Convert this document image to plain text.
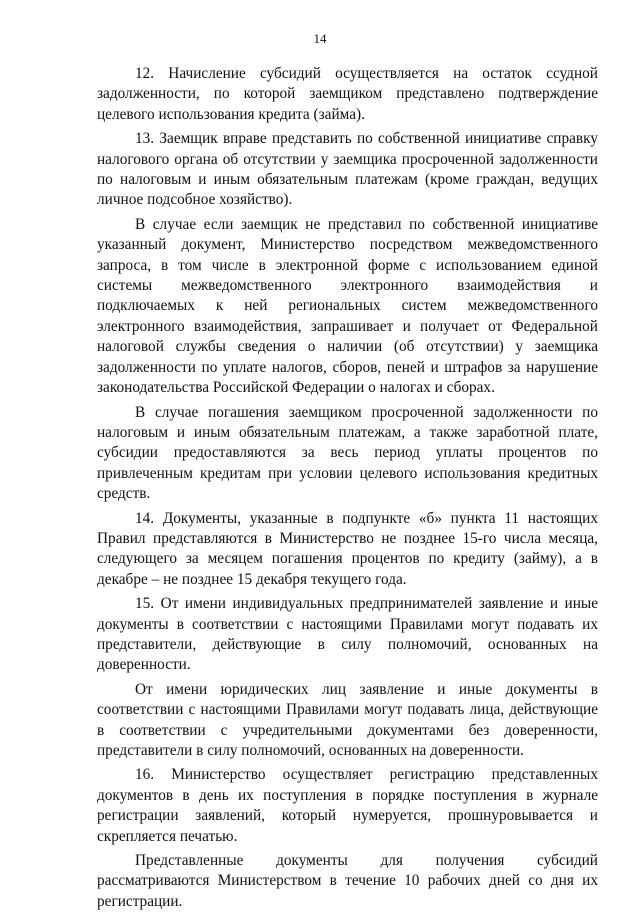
14

12. Начисление субсидий осуществляется на остаток ссудной задолженности, по которой заемщиком представлено подтверждение целевого использования кредита (займа).

13. Заемщик вправе представить по собственной инициативе справку налогового органа об отсутствии у заемщика просроченной задолженности по налоговым и иным обязательным платежам (кроме граждан, ведущих личное подсобное хозяйство).

В случае если заемщик не представил по собственной инициативе указанный документ, Министерство посредством межведомственного запроса, в том числе в электронной форме с использованием единой системы межведомственного электронного взаимодействия и подключаемых к ней региональных систем межведомственного электронного взаимодействия, запрашивает и получает от Федеральной налоговой службы сведения о наличии (об отсутствии) у заемщика задолженности по уплате налогов, сборов, пеней и штрафов за нарушение законодательства Российской Федерации о налогах и сборах.

В случае погашения заемщиком просроченной задолженности по налоговым и иным обязательным платежам, а также заработной плате, субсидии предоставляются за весь период уплаты процентов по привлеченным кредитам при условии целевого использования кредитных средств.

14. Документы, указанные в подпункте «б» пункта 11 настоящих Правил представляются в Министерство не позднее 15-го числа месяца, следующего за месяцем погашения процентов по кредиту (займу), а в декабре – не позднее 15 декабря текущего года.

15. От имени индивидуальных предпринимателей заявление и иные документы в соответствии с настоящими Правилами могут подавать их представители, действующие в силу полномочий, основанных на доверенности.

От имени юридических лиц заявление и иные документы в соответствии с настоящими Правилами могут подавать лица, действующие в соответствии с учредительными документами без доверенности, представители в силу полномочий, основанных на доверенности.

16. Министерство осуществляет регистрацию представленных документов в день их поступления в порядке поступления в журнале регистрации заявлений, который нумеруется, прошнуровывается и скрепляется печатью.

Представленные документы для получения субсидий рассматриваются Министерством в течение 10 рабочих дней со дня их регистрации.
